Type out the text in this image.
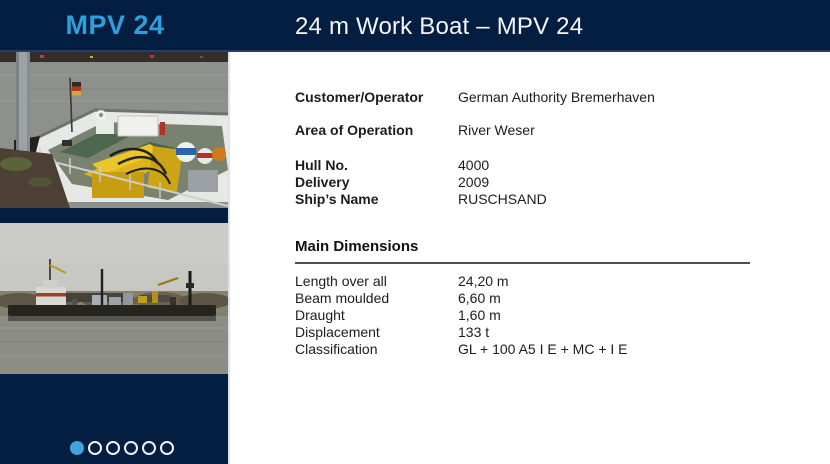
MPV 24	24 m Work Boat – MPV 24
Customer/Operator	German Authority Bremerhaven
Area of Operation	River Weser
Hull No.	4000
Delivery	2009
Ship’s Name	RUSCHSAND
Main Dimensions
Length over all	24,20 m
Beam moulded	6,60 m
Draught	1,60 m
Displacement	133 t
Classification	GL + 100 A5 I E + MC + I E
